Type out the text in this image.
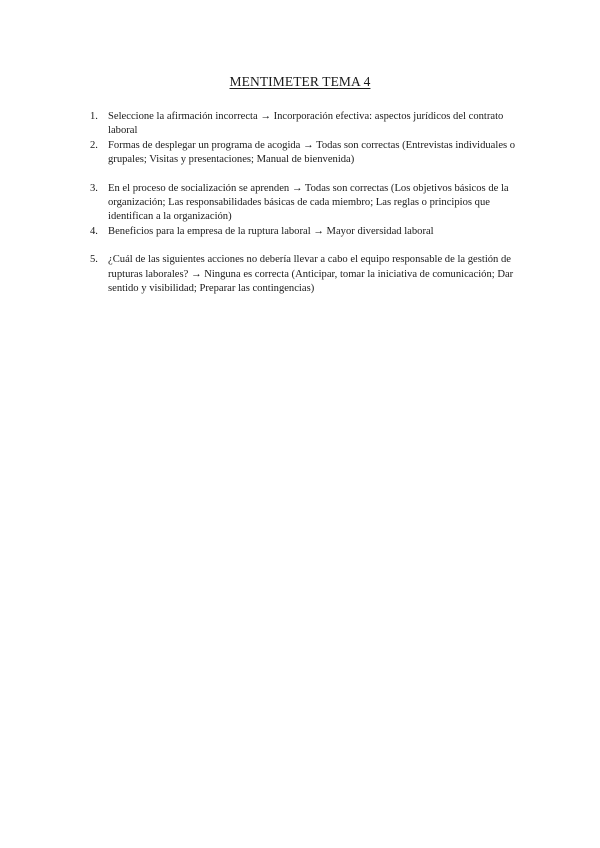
MENTIMETER TEMA 4
1. Seleccione la afirmación incorrecta → Incorporación efectiva: aspectos jurídicos del contrato laboral
2. Formas de desplegar un programa de acogida → Todas son correctas (Entrevistas individuales o grupales; Visitas y presentaciones; Manual de bienvenida)
3. En el proceso de socialización se aprenden → Todas son correctas (Los objetivos básicos de la organización; Las responsabilidades básicas de cada miembro; Las reglas o principios que identifican a la organización)
4. Beneficios para la empresa de la ruptura laboral → Mayor diversidad laboral
5. ¿Cuál de las siguientes acciones no debería llevar a cabo el equipo responsable de la gestión de rupturas laborales? → Ninguna es correcta (Anticipar, tomar la iniciativa de comunicación; Dar sentido y visibilidad; Preparar las contingencias)
